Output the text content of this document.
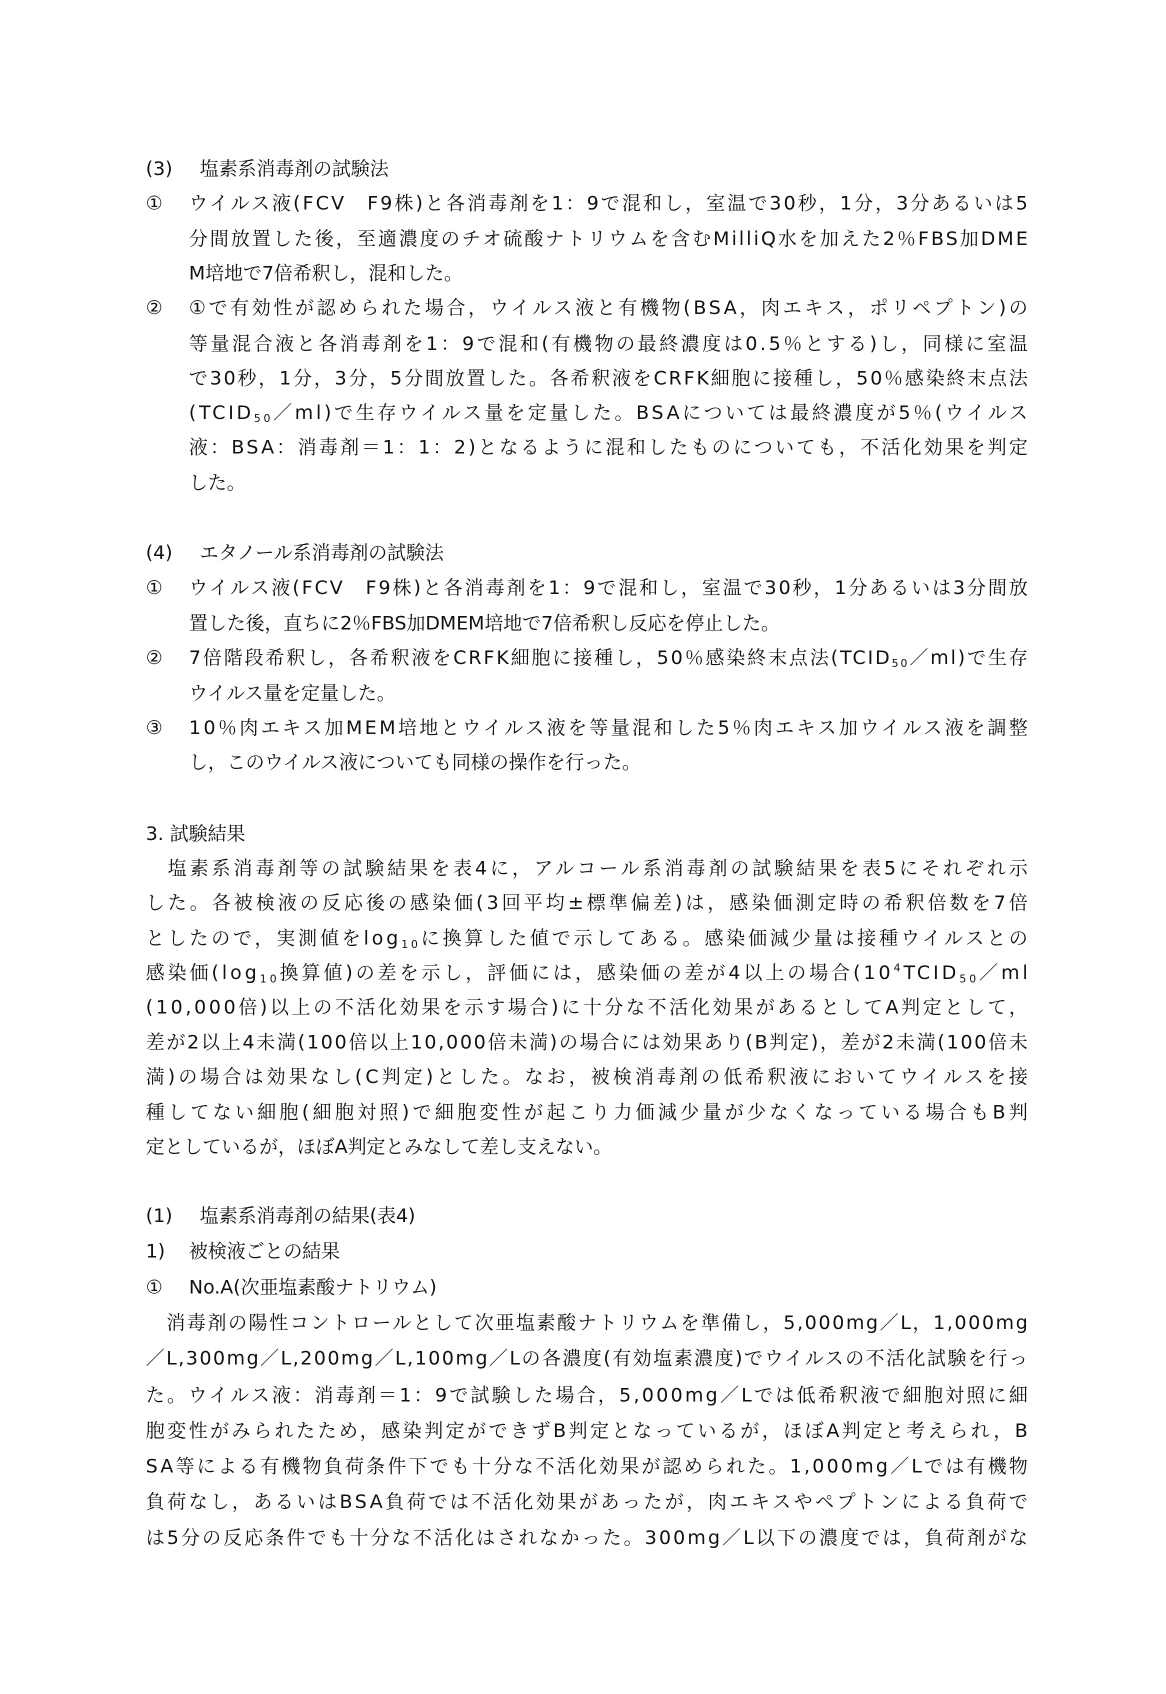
(3) 塩素系消毒剤の試験法
① ウイルス液(FCV　F9株)と各消毒剤を1：9で混和し，室温で30秒，1分，3分あるいは5
分間放置した後，至適濃度のチオ硫酸ナトリウムを含むMilliQ水を加えた2％FBS加DME
M培地で7倍希釈し，混和した。
② ①で有効性が認められた場合，ウイルス液と有機物(BSA，肉エキス，ポリペプトン)の
等量混合液と各消毒剤を1：9で混和(有機物の最終濃度は0.5％とする)し，同様に室温
で30秒，1分，3分，5分間放置した。各希釈液をCRFK細胞に接種し，50％感染終末点法
$(TCID_{50}/ml)$で生存ウイルス量を定量した。BSAについては最終濃度が5％(ウイルス
液：BSA：消毒剤＝1：1：2)となるように混和したものについても，不活化効果を判定
した。
(4) エタノール系消毒剤の試験法
① ウイルス液(FCV　F9株)と各消毒剤を1：9で混和し，室温で30秒，1分あるいは3分間放
置した後，直ちに2％FBS加DMEM培地で7倍希釈し反応を停止した。
② 7倍階段希釈し，各希釈液をCRFK細胞に接種し，50％感染終末点法$(TCID_{50}/ml)$で生存
ウイルス量を定量した。
③ 10％肉エキス加MEM培地とウイルス液を等量混和した5％肉エキス加ウイルス液を調整
し，このウイルス液についても同様の操作を行った。
3. 試験結果
　塩素系消毒剤等の試験結果を表4に，アルコール系消毒剤の試験結果を表5にそれぞれ示
した。各被検液の反応後の感染価(3回平均±標準偏差)は，感染価測定時の希釈倍数を7倍
としたので，実測値を$\log_{10}$に換算した値で示してある。感染価減少量は接種ウイルスとの
感染価($\log_{10}$換算値)の差を示し，評価には，感染価の差が4以上の場合($10^4TCID_{50}/ml$
(10,000倍)以上の不活化効果を示す場合)に十分な不活化効果があるとしてA判定として，
差が2以上4未満(100倍以上10,000倍未満)の場合には効果あり(B判定)，差が2未満(100倍未
満)の場合は効果なし(C判定)とした。なお，被検消毒剤の低希釈液においてウイルスを接
種してない細胞(細胞対照)で細胞変性が起こり力価減少量が少なくなっている場合もB判
定としているが，ほぼA判定とみなして差し支えない。
(1) 塩素系消毒剤の結果(表4)
1) 被検液ごとの結果
① No.A(次亜塩素酸ナトリウム)
　消毒剤の陽性コントロールとして次亜塩素酸ナトリウムを準備し，5,000mg／L，1,000mg
／L,300mg／L,200mg／L,100mg／Lの各濃度(有効塩素濃度)でウイルスの不活化試験を行っ
た。ウイルス液：消毒剤＝1：9で試験した場合，5,000mg／Lでは低希釈液で細胞対照に細
胞変性がみられたため，感染判定ができずB判定となっているが，ほぼA判定と考えられ，B
SA等による有機物負荷条件下でも十分な不活化効果が認められた。1,000mg／Lでは有機物
負荷なし，あるいはBSA負荷では不活化効果があったが，肉エキスやペプトンによる負荷で
は5分の反応条件でも十分な不活化はされなかった。300mg／L以下の濃度では，負荷剤がな
